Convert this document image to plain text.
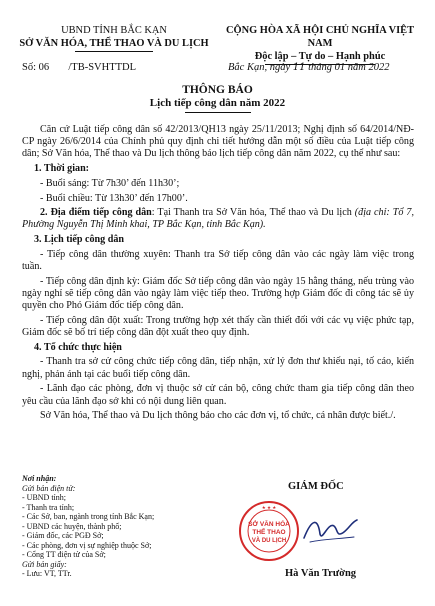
UBND TỈNH BẮC KẠN
SỞ VĂN HÓA, THỂ THAO VÀ DU LỊCH
CỘNG HÒA XÃ HỘI CHỦ NGHĨA VIỆT NAM
Độc lập – Tự do – Hạnh phúc
Số: 06 /TB-SVHTTDL	Bắc Kạn, ngày 11 tháng 01 năm 2022
THÔNG BÁO
Lịch tiếp công dân năm 2022

Căn cứ Luật tiếp công dân số 42/2013/QH13 ngày 25/11/2013; Nghị định số 64/2014/NĐ-CP ngày 26/6/2014 của Chính phủ quy định chi tiết hướng dẫn một số điều của Luật tiếp công dân; Sở Văn hóa, Thể thao và Du lịch thông báo lịch tiếp công dân năm 2022, cụ thể như sau:

1. Thời gian:

- Buổi sáng: Từ 7h30’ đến 11h30’;

- Buổi chiều: Từ 13h30’ đến 17h00’.

2. Địa điểm tiếp công dân: Tại Thanh tra Sở Văn hóa, Thể thao và Du lịch (địa chỉ: Tổ 7, Phường Nguyễn Thị Minh khai, TP Bắc Kạn, tỉnh Bắc Kạn).

3. Lịch tiếp công dân

- Tiếp công dân thường xuyên: Thanh tra Sở tiếp công dân vào các ngày làm việc trong tuần.

- Tiếp công dân định kỳ: Giám đốc Sở tiếp công dân vào ngày 15 hằng tháng, nếu trùng vào ngày nghỉ sẽ tiếp công dân vào ngày làm việc tiếp theo. Trường hợp Giám đốc đi công tác sẽ ủy quyền cho Phó Giám đốc tiếp công dân.

- Tiếp công dân đột xuất: Trong trường hợp xét thấy cần thiết đối với các vụ việc phức tạp, Giám đốc sẽ bố trí tiếp công dân đột xuất theo quy định.

4. Tổ chức thực hiện

- Thanh tra sở cử công chức tiếp công dân, tiếp nhận, xử lý đơn thư khiếu nại, tố cáo, kiến nghị, phản ánh tại các buổi tiếp công dân.

- Lãnh đạo các phòng, đơn vị thuộc sở cử cán bộ, công chức tham gia tiếp công dân theo yêu cầu của lãnh đạo sở khi có nội dung liên quan.

Sở Văn hóa, Thể thao và Du lịch thông báo cho các đơn vị, tổ chức, cá nhân được biết./.

Nơi nhận:
Gửi bản điện tử:
- UBND tỉnh;
- Thanh tra tỉnh;
- Các Sở, ban, ngành trong tỉnh Bắc Kạn;
- UBND các huyện, thành phố;
- Giám đốc, các PGĐ Sở;
- Các phòng, đơn vị sự nghiệp thuộc Sở;
- Cổng TT điện tử của Sở;
Gửi bản giấy:
- Lưu: VT, TTr.
GIÁM ĐỐC
SỞ VĂN HÓA
THỂ THAO
VÀ DU LỊCH
★ ★ ★
Hà Văn Trường
